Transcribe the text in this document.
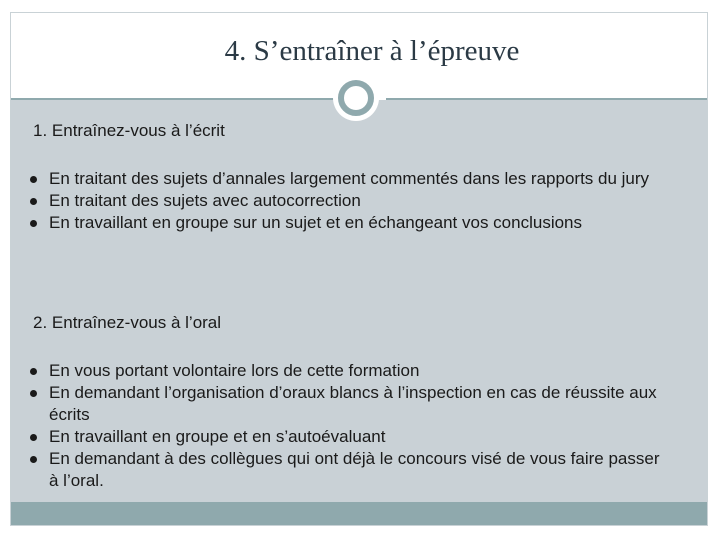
4. S’entraîner à l’épreuve
1. Entraînez-vous à l’écrit
En traitant des sujets d’annales largement commentés dans les rapports du jury
En traitant des sujets avec autocorrection
En travaillant en groupe sur un sujet et en échangeant vos conclusions
2. Entraînez-vous à l’oral
En vous portant volontaire lors de cette formation
En demandant l’organisation d’oraux blancs à l’inspection en cas de réussite aux écrits
En travaillant en groupe et en s’autoévaluant
En demandant à des collègues qui ont déjà le concours visé de vous faire passer à l’oral.
